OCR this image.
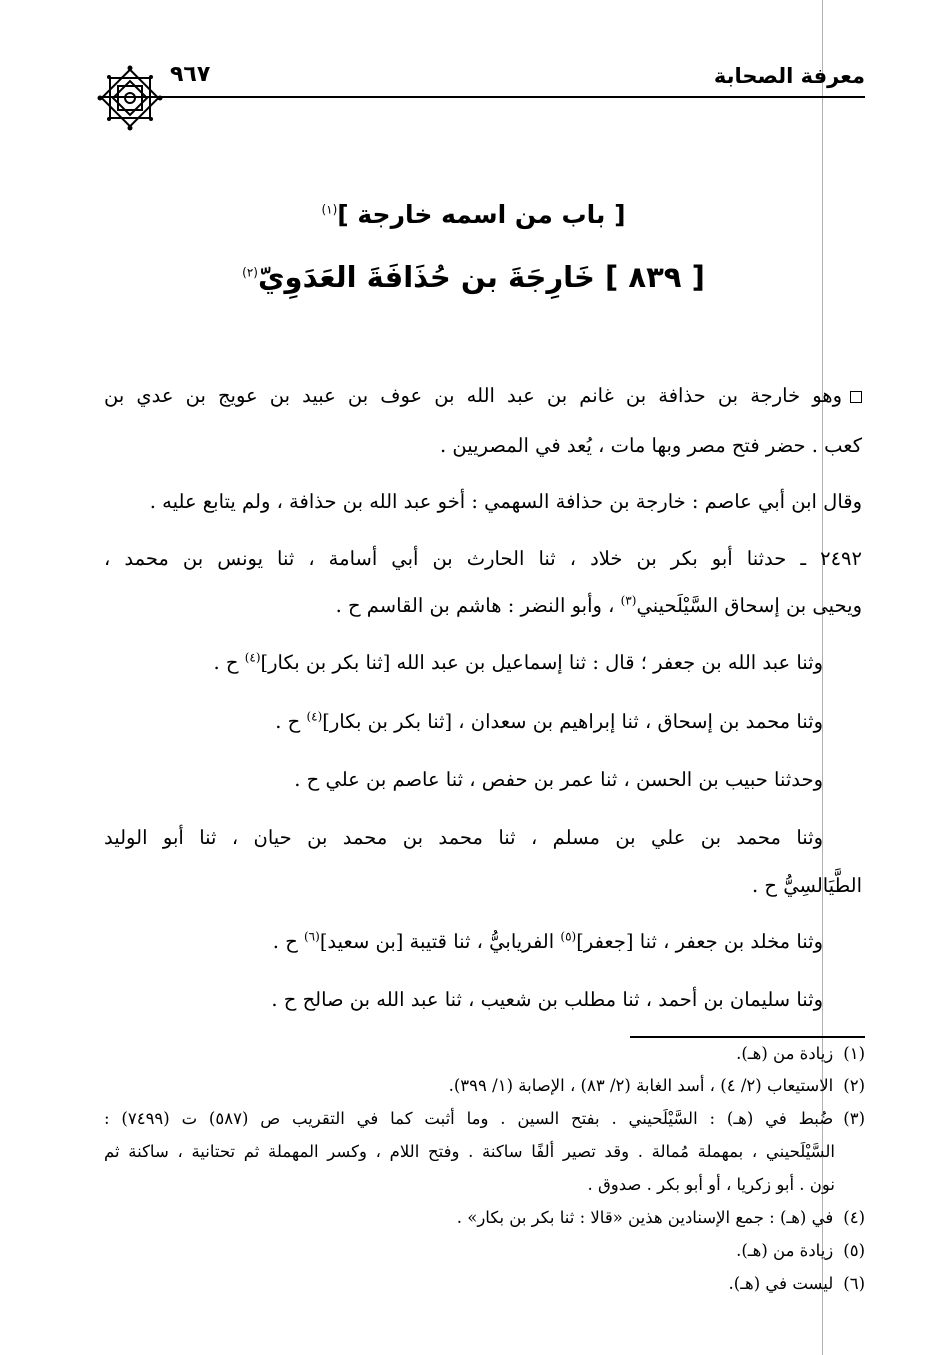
معرفة الصحابة
٩٦٧
[ باب من اسمه خارجة ]$^{(١)}$
[ ٨٣٩ ] خَارِجَةَ بن حُذَافَةَ العَدَوِيّ$^{(٢)}$
وهو خارجة بن حذافة بن غانم بن عبد الله بن عوف بن عبيد بن عويج بن عدي بن
كعب . حضر فتح مصر وبها مات ، يُعد في المصريين .
وقال ابن أبي عاصم : خارجة بن حذافة السهمي : أخو عبد الله بن حذافة ، ولم يتابع عليه .
٢٤٩٢ ـ حدثنا أبو بكر بن خلاد ، ثنا الحارث بن أبي أسامة ، ثنا يونس بن محمد ،
ويحيى بن إسحاق السَّيْلَحيني$^{(٣)}$ ، وأبو النضر : هاشم بن القاسم ح .
وثنا عبد الله بن جعفر ؛ قال : ثنا إسماعيل بن عبد الله [ثنا بكر بن بكار]$^{(٤)}$ ح .
وثنا محمد بن إسحاق ، ثنا إبراهيم بن سعدان ، [ثنا بكر بن بكار]$^{(٤)}$ ح .
وحدثنا حبيب بن الحسن ، ثنا عمر بن حفص ، ثنا عاصم بن علي ح .
وثنا محمد بن علي بن مسلم ، ثنا محمد بن محمد بن حيان ، ثنا أبو الوليد
الطَّيَالسِيُّ ح .
وثنا مخلد بن جعفر ، ثنا [جعفر]$^{(٥)}$ الفريابيُّ ، ثنا قتيبة [بن سعيد]$^{(٦)}$ ح .
وثنا سليمان بن أحمد ، ثنا مطلب بن شعيب ، ثنا عبد الله بن صالح ح .
(١)زيادة من (هـ).
(٢)الاستيعاب (٢/ ٤) ، أسد الغابة (٢/ ٨٣) ، الإصابة (١/ ٣٩٩).
(٣)ضُبط في (هـ) : السَّيْلَحيني . بفتح السين . وما أثبت كما في التقريب ص (٥٨٧) ت (٧٤٩٩) :
السَّيْلَحيني ، بمهملة مُمالة . وقد تصير ألفًا ساكنة . وفتح اللام ، وكسر المهملة ثم تحتانية ، ساكنة ثم
نون . أبو زكريا ، أو أبو بكر . صدوق .
(٤)في (هـ) : جمع الإسنادين هذين «قالا : ثنا بكر بن بكار» .
(٥)زيادة من (هـ).
(٦)ليست في (هـ).
